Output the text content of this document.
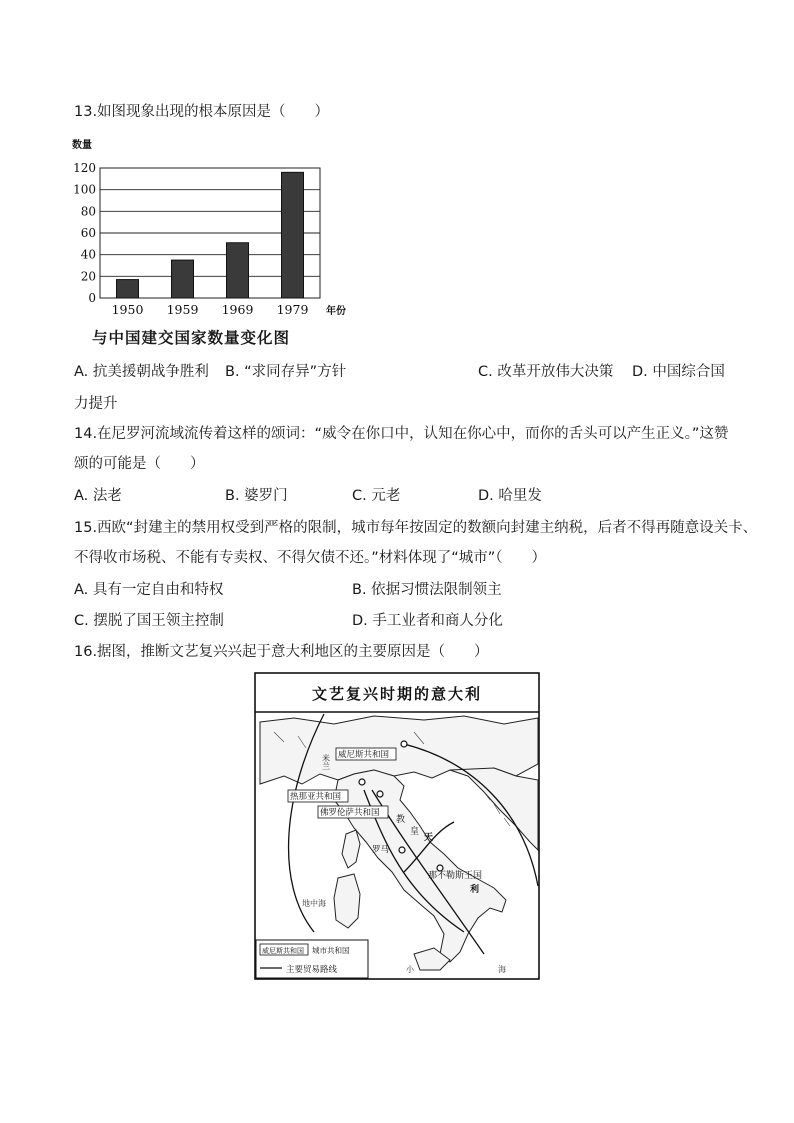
13.如图现象出现的根本原因是（　　）
数量
0
20
40
60
80
100
120
1950 1959 1969 1979 年份
与中国建交国家数量变化图
A. 抗美援朝战争胜利 B. “求同存异”方针	C. 改革开放伟大决策 D. 中国综合国
力提升
14.在尼罗河流域流传着这样的颂词：“威令在你口中，认知在你心中，而你的舌头可以产生正义。”这赞
颂的可能是（　　）
A. 法老	B. 婆罗门	C. 元老	D. 哈里发
15.西欧“封建主的禁用权受到严格的限制，城市每年按固定的数额向封建主纳税，后者不得再随意设关卡、
不得收市场税、不能有专卖权、不得欠债不还。”材料体现了“城市”（　　）
A. 具有一定自由和特权	B. 依据习惯法限制领主
C. 摆脱了国王领主控制	D. 手工业者和商人分化
16.据图，推断文艺复兴兴起于意大利地区的主要原因是（　　）
文艺复兴时期的意大利
威尼斯共和国
米兰
热那亚共和国
佛罗伦萨共和国
教
皇
天
罗马
那不勒斯王国
利
地中海
小	海
威尼斯共和国 城市共和国
主要贸易路线
